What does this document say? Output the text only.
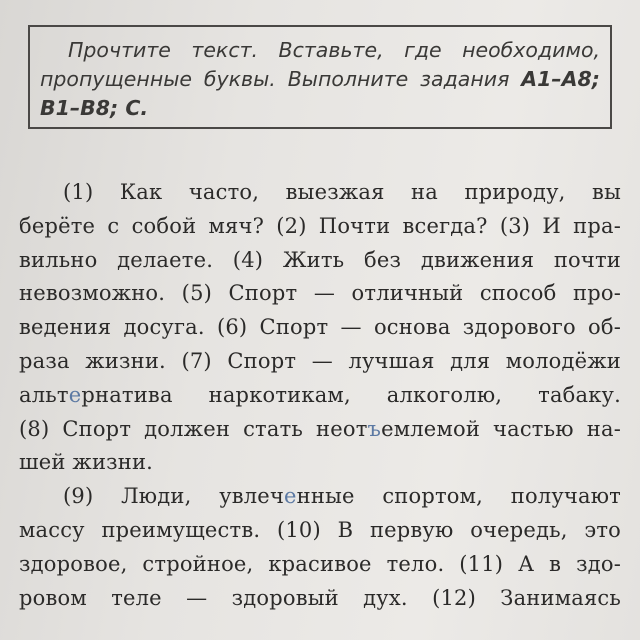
Прочтите текст. Вставьте, где необходимо,
пропущенные буквы. Выполните задания А1–А8;
В1–В8; С.
(1) Как часто, выезжая на природу, вы
берёте с собой мяч? (2) Почти всегда? (3) И пра-
вильно делаете. (4) Жить без движения почти
невозможно. (5) Спорт — отличный способ про-
ведения досуга. (6) Спорт — основа здорового об-
раза жизни. (7) Спорт — лучшая для молодёжи
альтернатива наркотикам, алкоголю, табаку.
(8) Спорт должен стать неотъемлемой частью на-
шей жизни.
(9) Люди, увлеченные спортом, получают
массу преимуществ. (10) В первую очередь, это
здоровое, стройное, красивое тело. (11) А в здо-
ровом теле — здоровый дух. (12) Занимаясь
